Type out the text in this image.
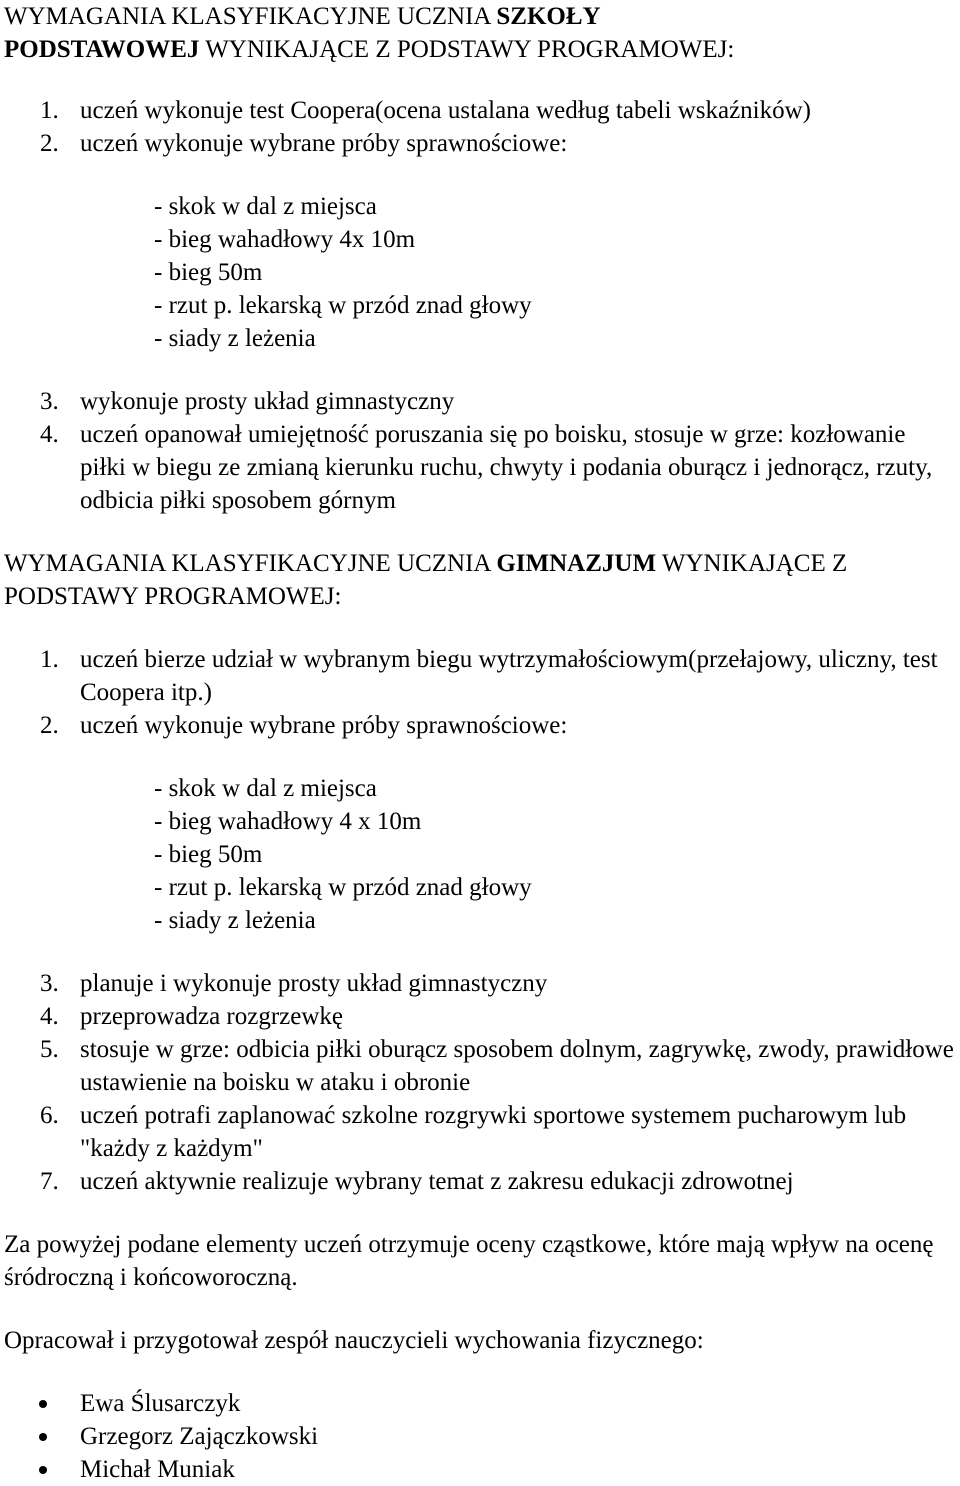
WYMAGANIA KLASYFIKACYJNE UCZNIA SZKOŁY
PODSTAWOWEJ WYNIKAJĄCE Z PODSTAWY PROGRAMOWEJ:
1. uczeń wykonuje test Coopera(ocena ustalana według tabeli wskaźników)
2. uczeń wykonuje wybrane próby sprawnościowe:
- skok w dal z miejsca
- bieg wahadłowy 4x 10m
- bieg 50m
- rzut p. lekarską w przód znad głowy
- siady z leżenia
3. wykonuje prosty układ gimnastyczny
4. uczeń opanował umiejętność poruszania się po boisku, stosuje w grze: kozłowanie piłki w biegu ze zmianą kierunku ruchu, chwyty i podania oburącz i jednorącz, rzuty, odbicia piłki sposobem górnym
WYMAGANIA KLASYFIKACYJNE UCZNIA GIMNAZJUM WYNIKAJĄCE Z PODSTAWY PROGRAMOWEJ:
1. uczeń bierze udział w wybranym biegu wytrzymałościowym(przełajowy, uliczny, test Coopera itp.)
2. uczeń wykonuje wybrane próby sprawnościowe:
- skok w dal z miejsca
- bieg wahadłowy 4 x 10m
- bieg 50m
- rzut p. lekarską w przód znad głowy
- siady z leżenia
3. planuje i wykonuje prosty układ gimnastyczny
4. przeprowadza rozgrzewkę
5. stosuje w grze: odbicia piłki oburącz sposobem dolnym, zagrywkę, zwody, prawidłowe ustawienie na boisku w ataku i obronie
6. uczeń potrafi zaplanować szkolne rozgrywki sportowe systemem pucharowym lub "każdy z każdym"
7. uczeń aktywnie realizuje wybrany temat z zakresu edukacji zdrowotnej

Za powyżej podane elementy uczeń otrzymuje oceny cząstkowe, które mają wpływ na ocenę śródroczną i końcoworoczną.

Opracował i przygotował zespół nauczycieli wychowania fizycznego:

Ewa Ślusarczyk
Grzegorz Zajączkowski
Michał Muniak
